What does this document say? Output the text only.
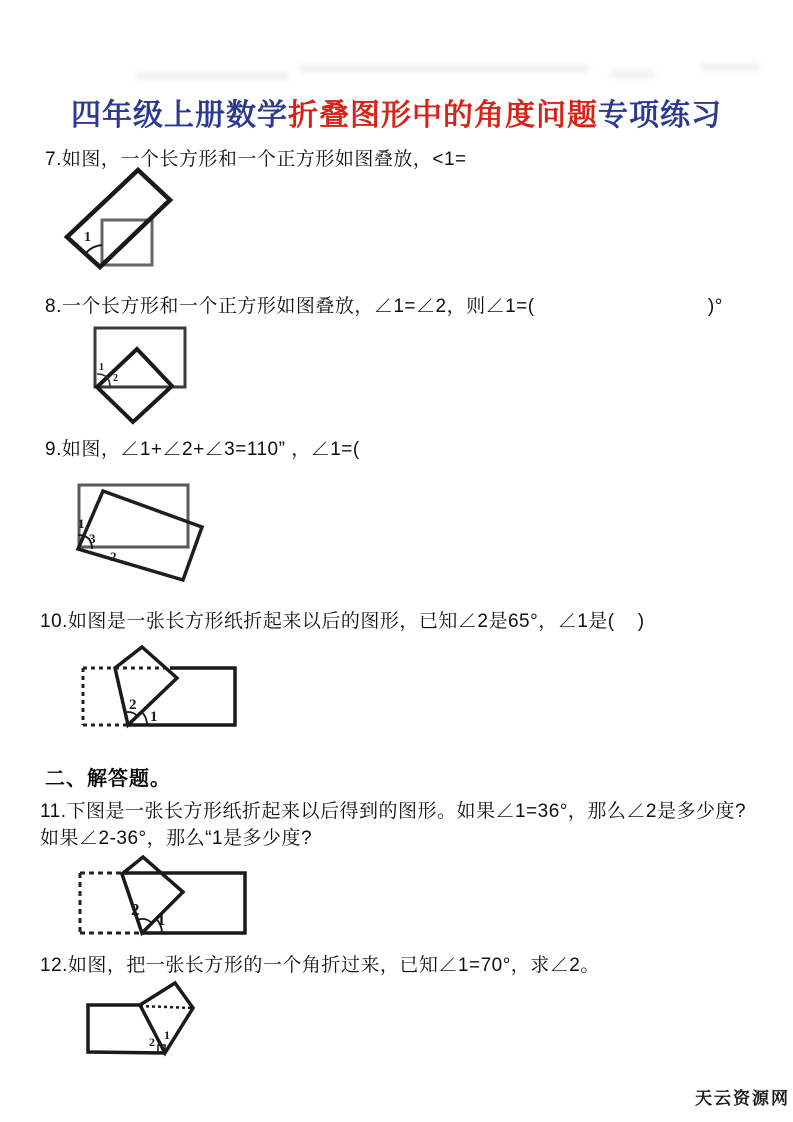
四年级上册数学折叠图形中的角度问题专项练习
7.如图，一个长方形和一个正方形如图叠放，<1=
1
8.一个长方形和一个正方形如图叠放，∠1=∠2，则∠1=(                              )°
1
2
9.如图，∠1+∠2+∠3=110” ，∠1=(
1
3
2
10.如图是一张长方形纸折起来以后的图形，已知∠2是65°，∠1是(    )
2
1
二、解答题。
11.下图是一张长方形纸折起来以后得到的图形。如果∠1=36°，那么∠2是多少度?如果∠2-36°，那么“1是多少度?
2
1
12.如图，把一张长方形的一个角折过来，已知∠1=70°，求∠2。
2 1
天云资源网
